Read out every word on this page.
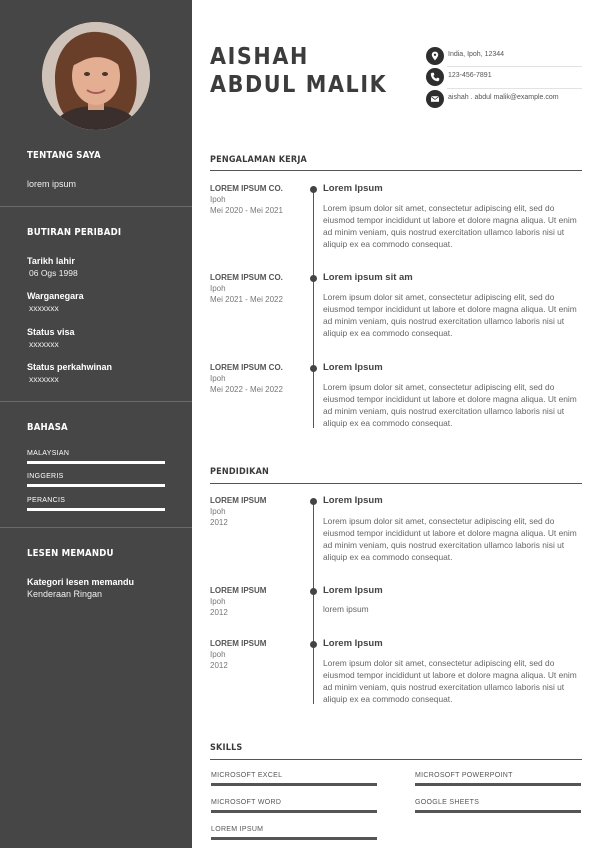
TENTANG SAYA
lorem ipsum
BUTIRAN PERIBADI
Tarikh lahir
06 Ogs 1998
Warganegara
xxxxxxx
Status visa
xxxxxxx
Status perkahwinan
xxxxxxx
BAHASA
MALAYSIAN
INGGERIS
PERANCIS
LESEN MEMANDU
Kategori lesen memandu
Kenderaan Ringan
AISHAH
ABDUL MALIK
India, Ipoh, 12344
123-456-7891
aishah . abdul malik@example.com
PENGALAMAN KERJA
LOREM IPSUM CO.
Ipoh
Mei 2020 - Mei 2021
Lorem Ipsum
Lorem ipsum dolor sit amet, consectetur adipiscing elit, sed do eiusmod tempor incididunt ut labore et dolore magna aliqua. Ut enim ad minim veniam, quis nostrud exercitation ullamco laboris nisi ut aliquip ex ea commodo consequat.
LOREM IPSUM CO.
Ipoh
Mei 2021 - Mei 2022
Lorem ipsum sit am
Lorem ipsum dolor sit amet, consectetur adipiscing elit, sed do eiusmod tempor incididunt ut labore et dolore magna aliqua. Ut enim ad minim veniam, quis nostrud exercitation ullamco laboris nisi ut aliquip ex ea commodo consequat.
LOREM IPSUM CO.
Ipoh
Mei 2022 - Mei 2022
Lorem Ipsum
Lorem ipsum dolor sit amet, consectetur adipiscing elit, sed do eiusmod tempor incididunt ut labore et dolore magna aliqua. Ut enim ad minim veniam, quis nostrud exercitation ullamco laboris nisi ut aliquip ex ea commodo consequat.
PENDIDIKAN
LOREM IPSUM
Ipoh
2012
Lorem Ipsum
Lorem ipsum dolor sit amet, consectetur adipiscing elit, sed do eiusmod tempor incididunt ut labore et dolore magna aliqua. Ut enim ad minim veniam, quis nostrud exercitation ullamco laboris nisi ut aliquip ex ea commodo consequat.
LOREM IPSUM
Ipoh
2012
Lorem Ipsum
lorem ipsum
LOREM IPSUM
Ipoh
2012
Lorem Ipsum
Lorem ipsum dolor sit amet, consectetur adipiscing elit, sed do eiusmod tempor incididunt ut labore et dolore magna aliqua. Ut enim ad minim veniam, quis nostrud exercitation ullamco laboris nisi ut aliquip ex ea commodo consequat.
SKILLS
MICROSOFT EXCEL	MICROSOFT POWERPOINT
MICROSOFT WORD	GOOGLE SHEETS
LOREM IPSUM
